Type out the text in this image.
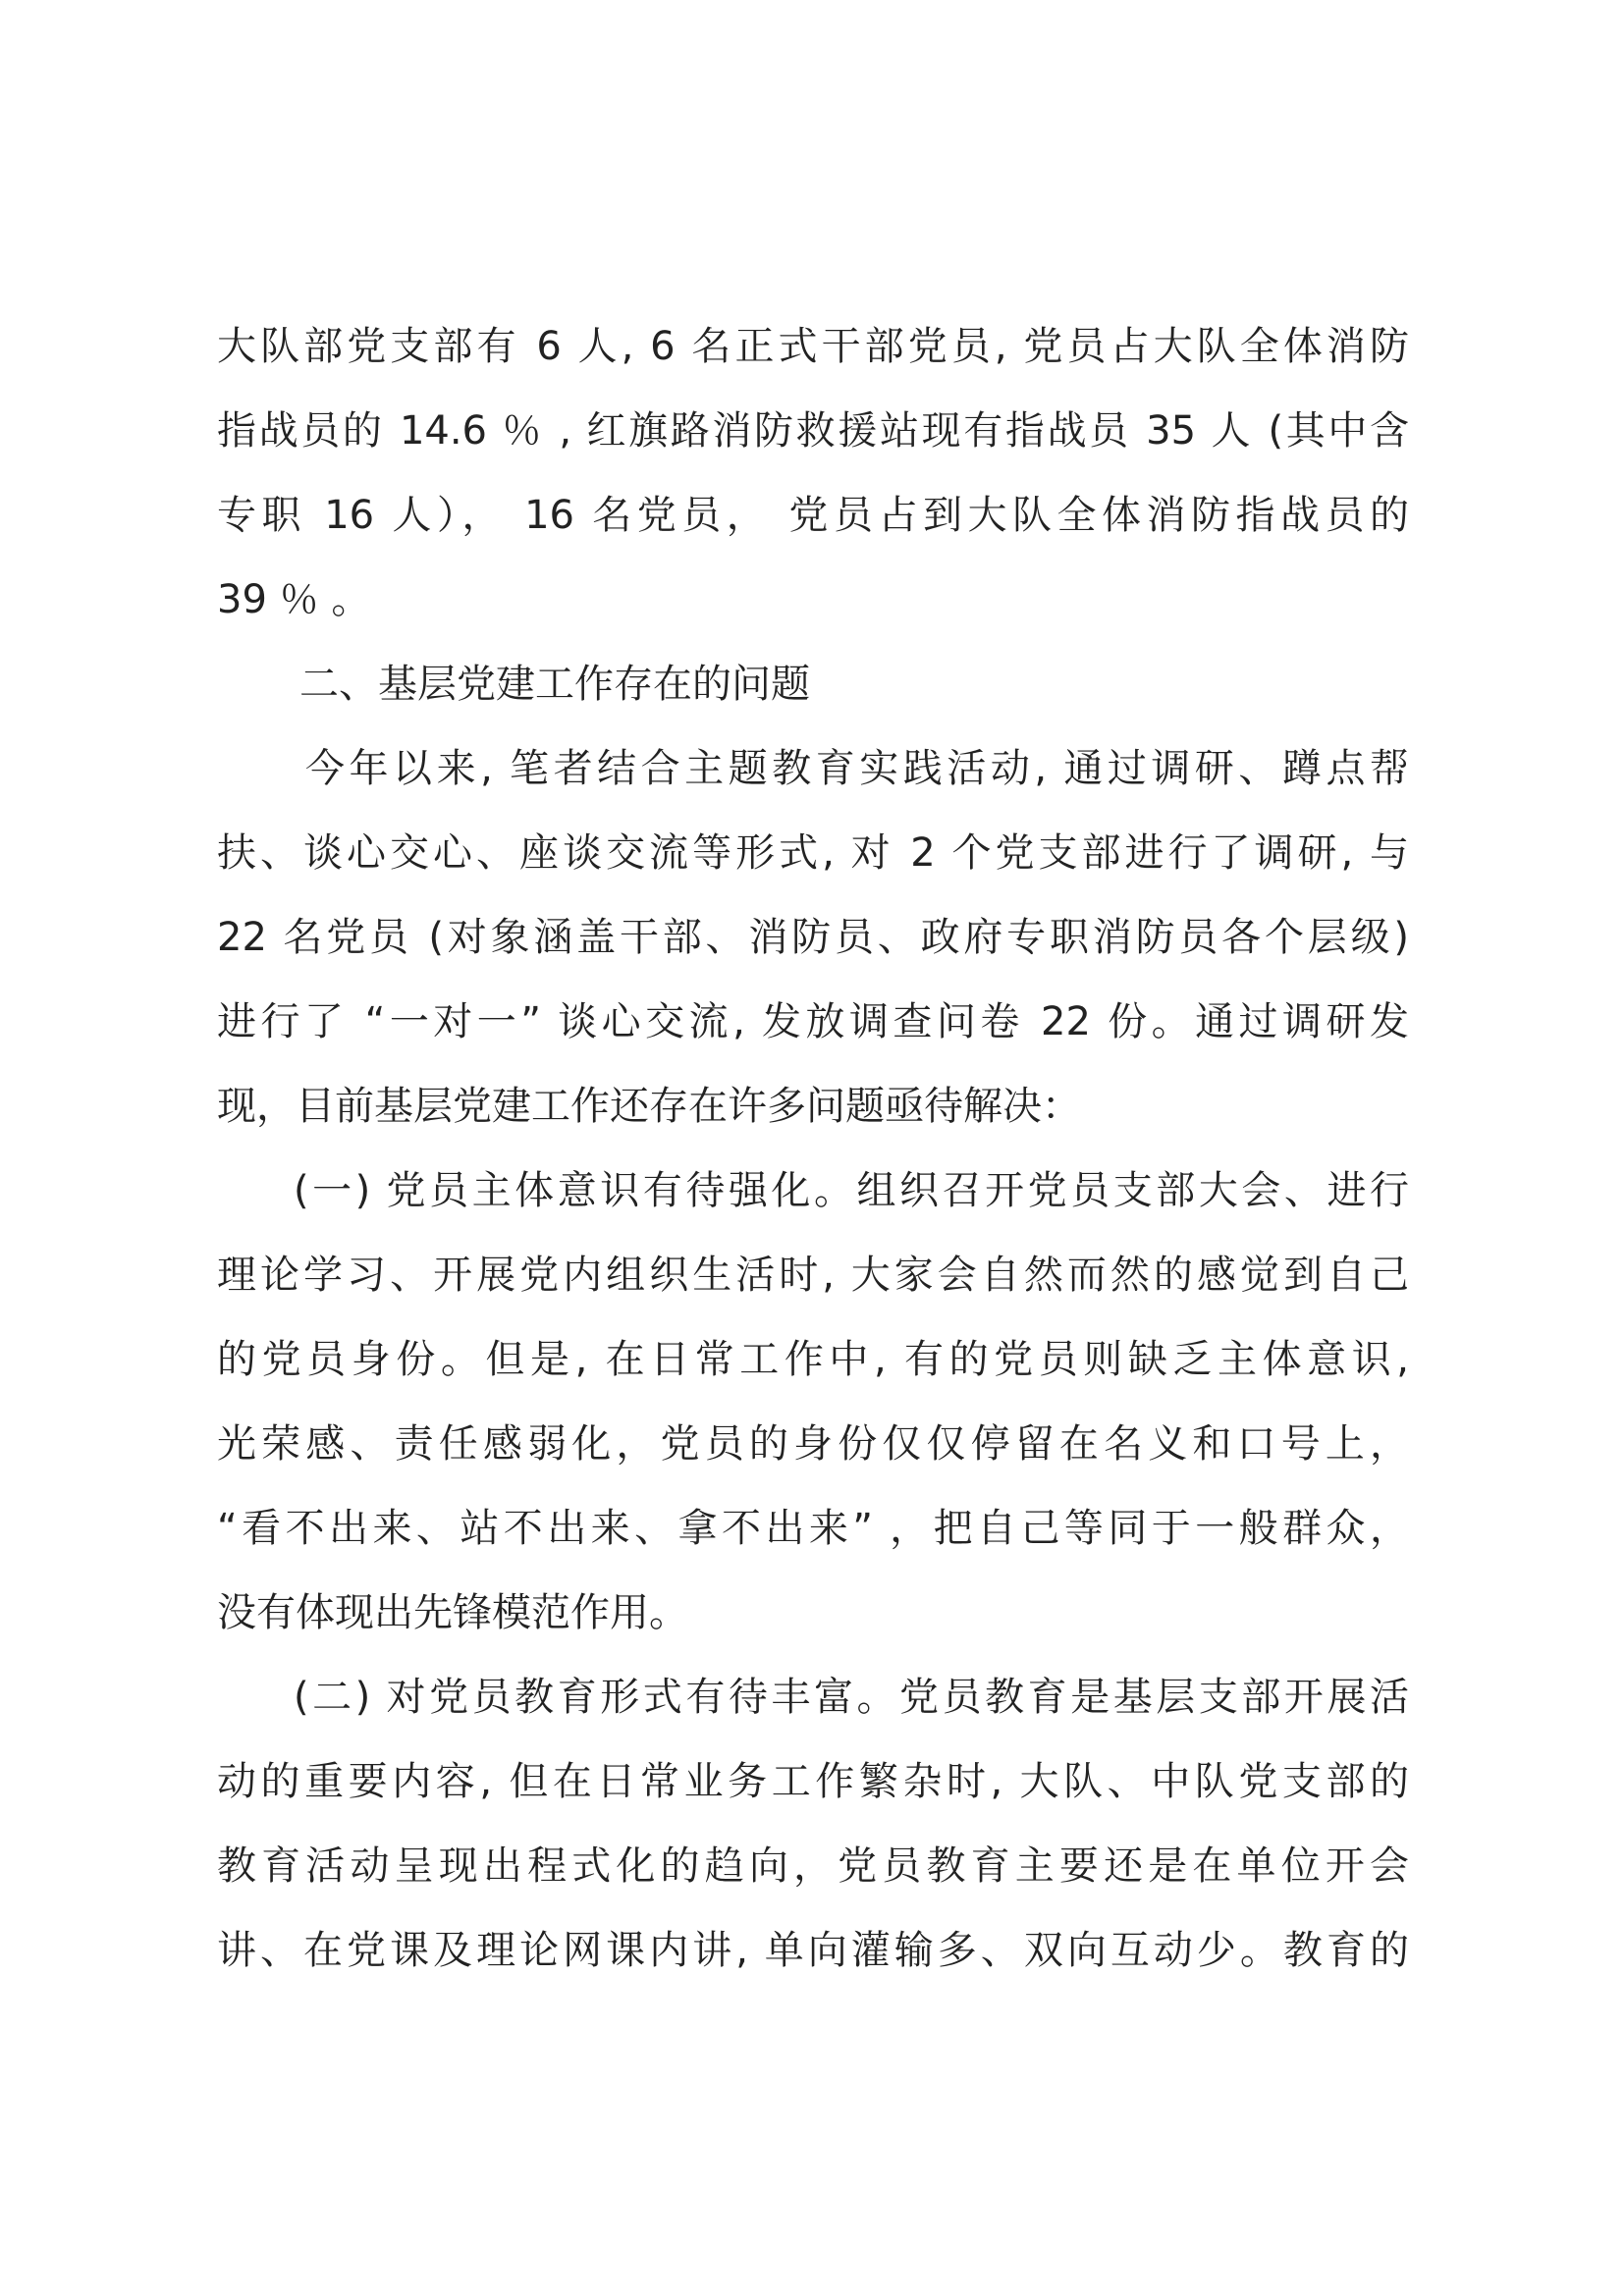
大队部党支部有 6 人, 6 名正式干部党员, 党员占大队全体消防
指战员的 14.6 ％ , 红旗路消防救援站现有指战员 35 人 (其中含
专职 16 人）， 16 名党员， 党员占到大队全体消防指战员的
39 ％ 。
二、基层党建工作存在的问题
今年以来, 笔者结合主题教育实践活动, 通过调研、蹲点帮
扶、谈心交心、座谈交流等形式, 对 2 个党支部进行了调研, 与
22 名党员 (对象涵盖干部、消防员、政府专职消防员各个层级)
进行了 “一对一” 谈心交流, 发放调查问卷 22 份。通过调研发
现，目前基层党建工作还存在许多问题亟待解决：
(一) 党员主体意识有待强化。组织召开党员支部大会、进行
理论学习、开展党内组织生活时, 大家会自然而然的感觉到自己
的党员身份。但是, 在日常工作中, 有的党员则缺乏主体意识,
光荣感、责任感弱化，党员的身份仅仅停留在名义和口号上，
“看不出来、站不出来、拿不出来” ，把自己等同于一般群众，
没有体现出先锋模范作用。
(二) 对党员教育形式有待丰富。党员教育是基层支部开展活
动的重要内容, 但在日常业务工作繁杂时, 大队、中队党支部的
教育活动呈现出程式化的趋向，党员教育主要还是在单位开会
讲、在党课及理论网课内讲, 单向灌输多、双向互动少。教育的
